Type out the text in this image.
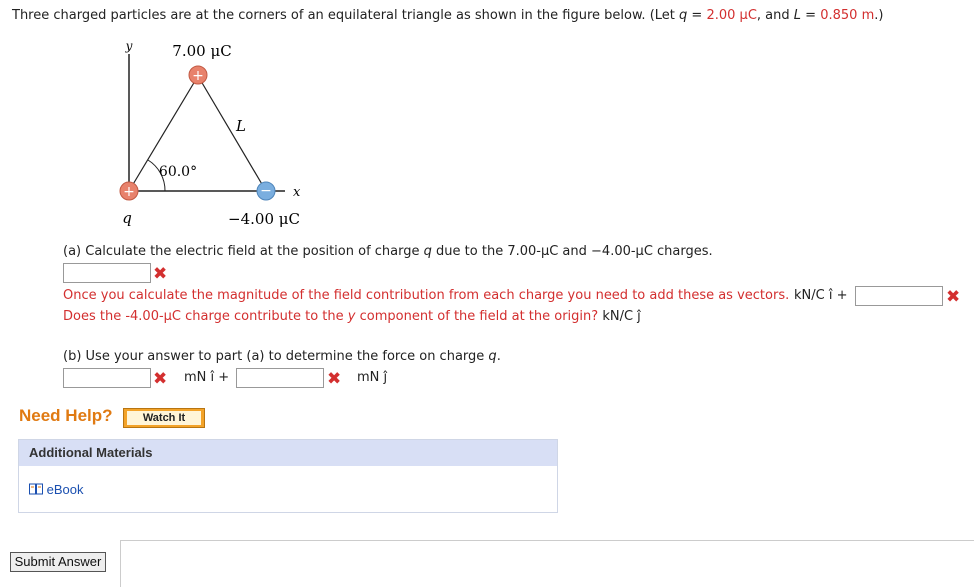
Three charged particles are at the corners of an equilateral triangle as shown in the figure below. (Let q = 2.00 μC, and L = 0.850 m.)
+
+	−
y
x
7.00 μC
−4.00 μC
q
L
60.0°
(a) Calculate the electric field at the position of charge q due to the 7.00-μC and −4.00-μC charges.
✖
Once you calculate the magnitude of the field contribution from each charge you need to add these as vectors. kN/C î +	✖
Does the -4.00-μC charge contribute to the y component of the field at the origin? kN/C ĵ
(b) Use your answer to part (a) to determine the force on charge q.
✖ mN î +	✖ mN ĵ
Need Help?	Watch It
Additional Materials
eBook
Submit Answer
